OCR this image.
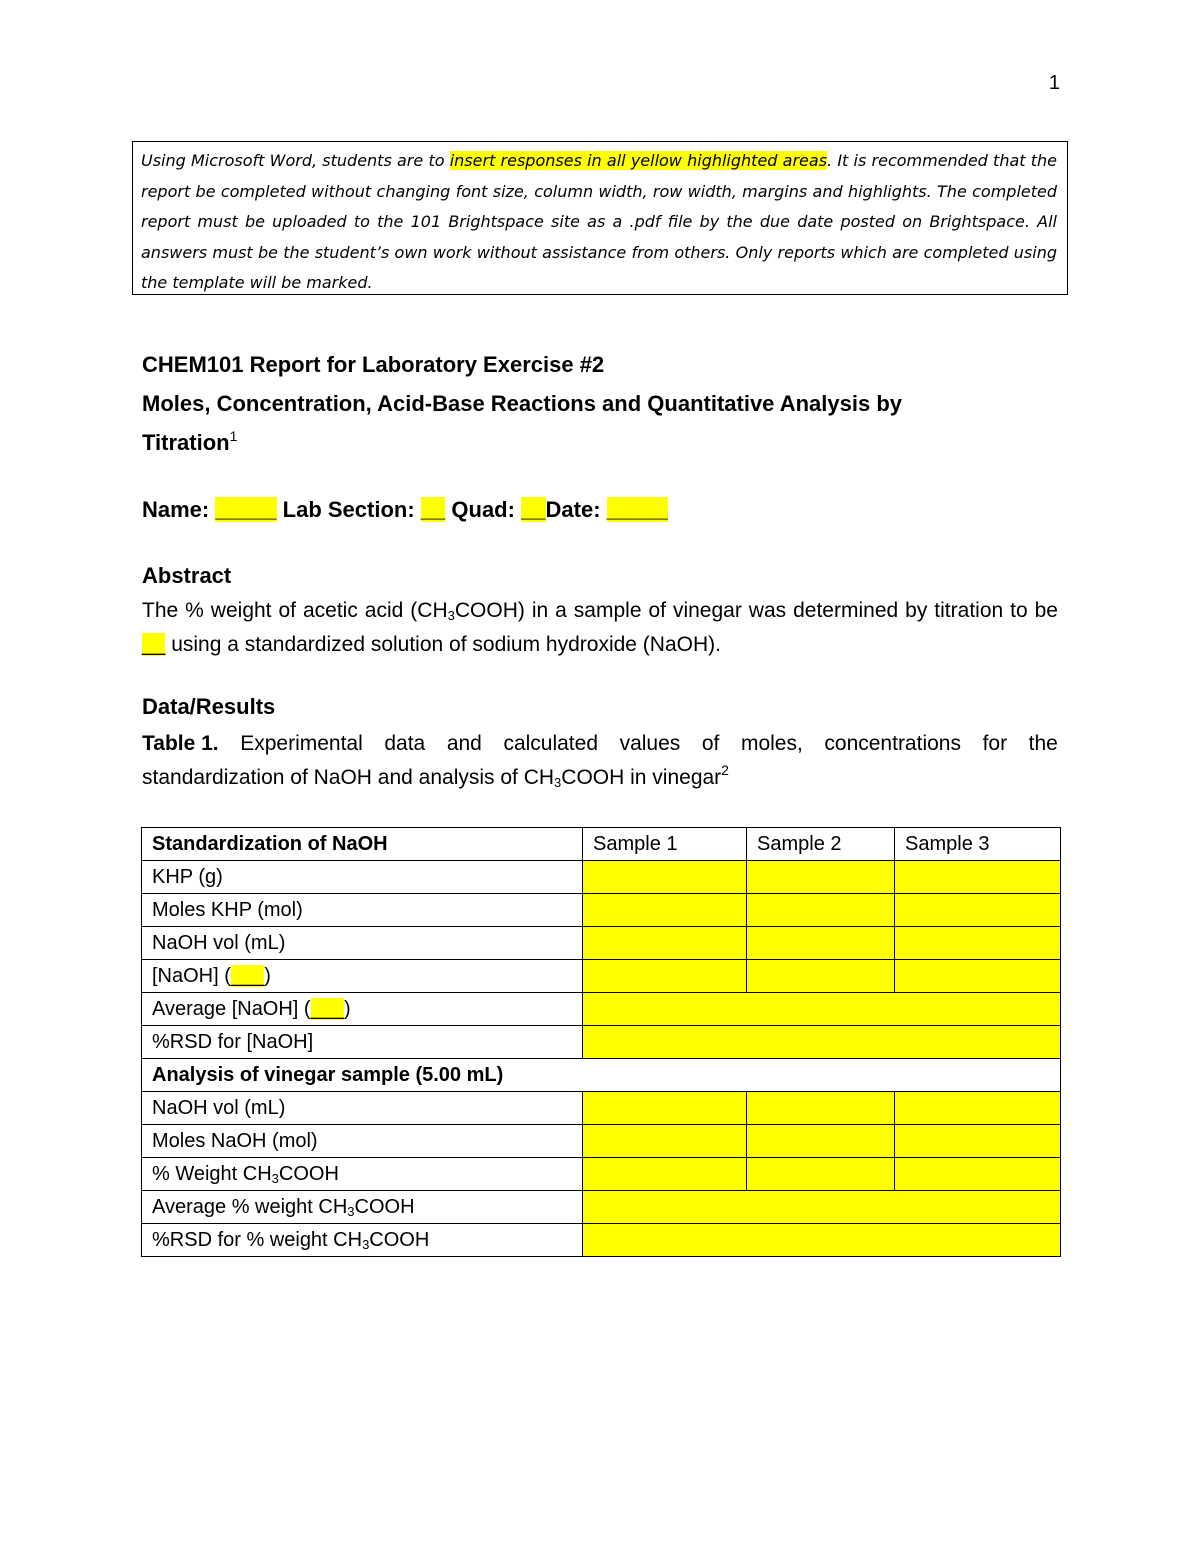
1
Using Microsoft Word, students are to insert responses in all yellow highlighted areas. It is recommended that the report be completed without changing font size, column width, row width, margins and highlights. The completed report must be uploaded to the 101 Brightspace site as a .pdf file by the due date posted on Brightspace. All answers must be the student’s own work without assistance from others. Only reports which are completed using the template will be marked.
CHEM101 Report for Laboratory Exercise #2
Moles, Concentration, Acid-Base Reactions and Quantitative Analysis by
Titration$^1$
Name: _____ Lab Section: __ Quad: __Date: _____
Abstract
The % weight of acetic acid $(CH_3COOH)$ in a sample of vinegar was determined by titration to be __ using a standardized solution of sodium hydroxide (NaOH).
Data/Results
Table 1. Experimental data and calculated values of moles, concentrations for the
standardization of NaOH and analysis of $CH_3COOH$ in vinegar$^2$
Standardization of NaOH	Sample 1	Sample 2	Sample 3
KHP (g)			
Moles KHP (mol)			
NaOH vol (mL)			
[NaOH] (___)			
Average [NaOH] (___)			
%RSD for [NaOH]			
Analysis of vinegar sample (5.00 mL)			
NaOH vol (mL)			
Moles NaOH (mol)			
% Weight $CH_3COOH$			
Average % weight $CH_3COOH$			
%RSD for % weight $CH_3COOH$			
